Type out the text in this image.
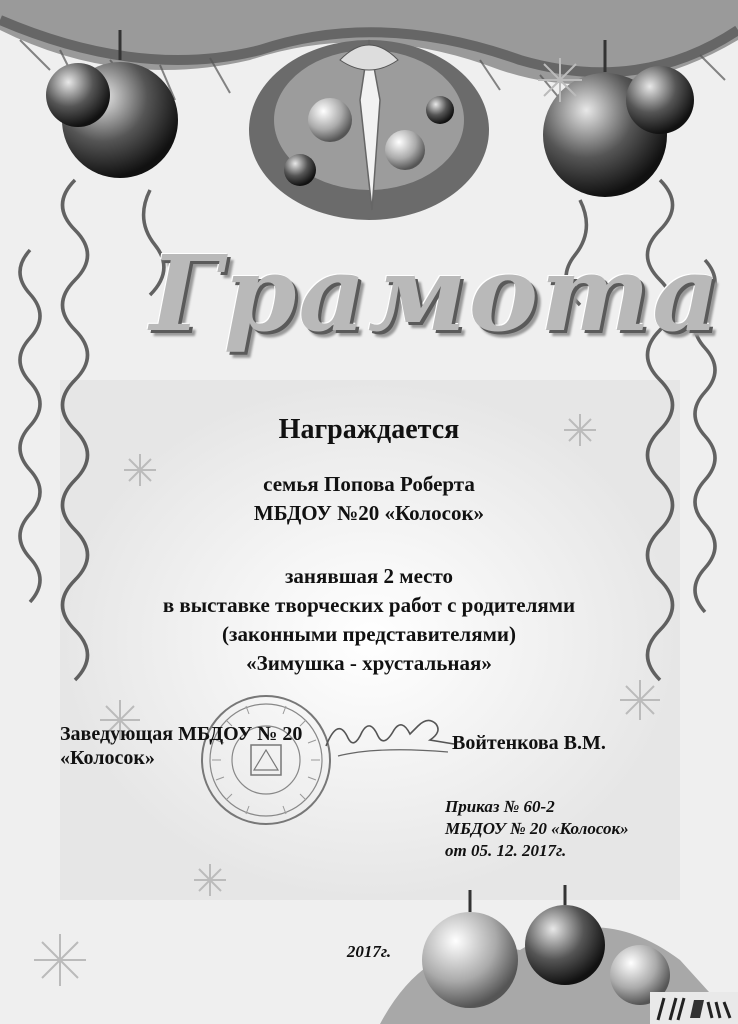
Грамота
Награждается
семья Попова Роберта
МБДОУ №20 «Колосок»
занявшая 2 место
в выставке творческих работ с родителями
(законными представителями)
«Зимушка - хрустальная»
Заведующая МБДОУ № 20
«Колосок»
Войтенкова В.М.
Приказ № 60-2
МБДОУ № 20 «Колосок»
от 05. 12. 2017г.
2017г.
